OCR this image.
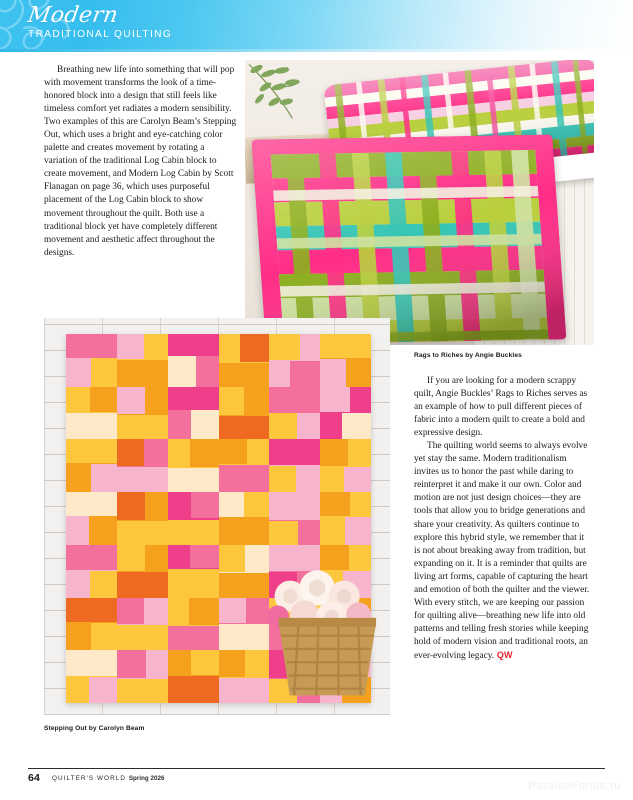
Modern
TRADITIONAL QUILTING
Rags to Riches by Angie Buckles
Stepping Out by Carolyn Beam

Breathing new life into something that will pop with movement transforms the look of a time-honored block into a design that still feels like timeless comfort yet radiates a modern sensibility. Two examples of this are Carolyn Beam’s Stepping Out, which uses a bright and eye-catching color palette and creates movement by rotating a variation of the traditional Log Cabin block to create movement, and Modern Log Cabin by Scott Flanagan on page 36, which uses purposeful placement of the Log Cabin block to show movement throughout the quilt. Both use a traditional block yet have completely different movement and aesthetic affect throughout the designs.

If you are looking for a modern scrappy quilt, Angie Buckles’ Rags to Riches serves as an example of how to pull different pieces of fabric into a modern quilt to create a bold and expressive design.

The quilting world seems to always evolve yet stay the same. Modern traditionalism invites us to honor the past while daring to reinterpret it and make it our own. Color and motion are not just design choices—they are tools that allow you to bridge generations and share your creativity. As quilters continue to explore this hybrid style, we remember that it is not about breaking away from tradition, but expanding on it. It is a reminder that quilts are living art forms, capable of capturing the heart and emotion of both the quilter and the viewer. With every stitch, we are keeping our passion for quilting alive—breathing new life into old patterns and telling fresh stories while keeping hold of modern vision and traditional roots, an ever-evolving legacy. QW

64 QUILTER'S WORLD Spring 2026
PassionForum.ru
